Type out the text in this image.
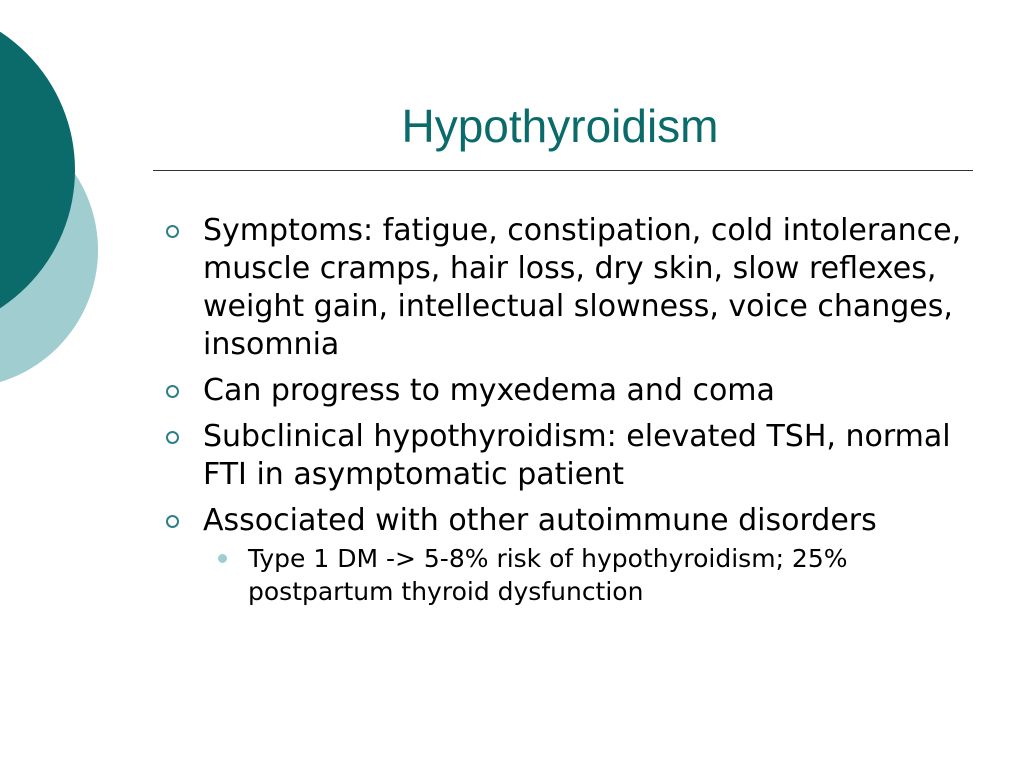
Hypothyroidism
Symptoms: fatigue, constipation, cold intolerance, muscle cramps, hair loss, dry skin, slow reflexes, weight gain, intellectual slowness, voice changes, insomnia
Can progress to myxedema and coma
Subclinical hypothyroidism: elevated TSH, normal FTI in asymptomatic patient
Associated with other autoimmune disorders
Type 1 DM -> 5-8% risk of hypothyroidism; 25% postpartum thyroid dysfunction
